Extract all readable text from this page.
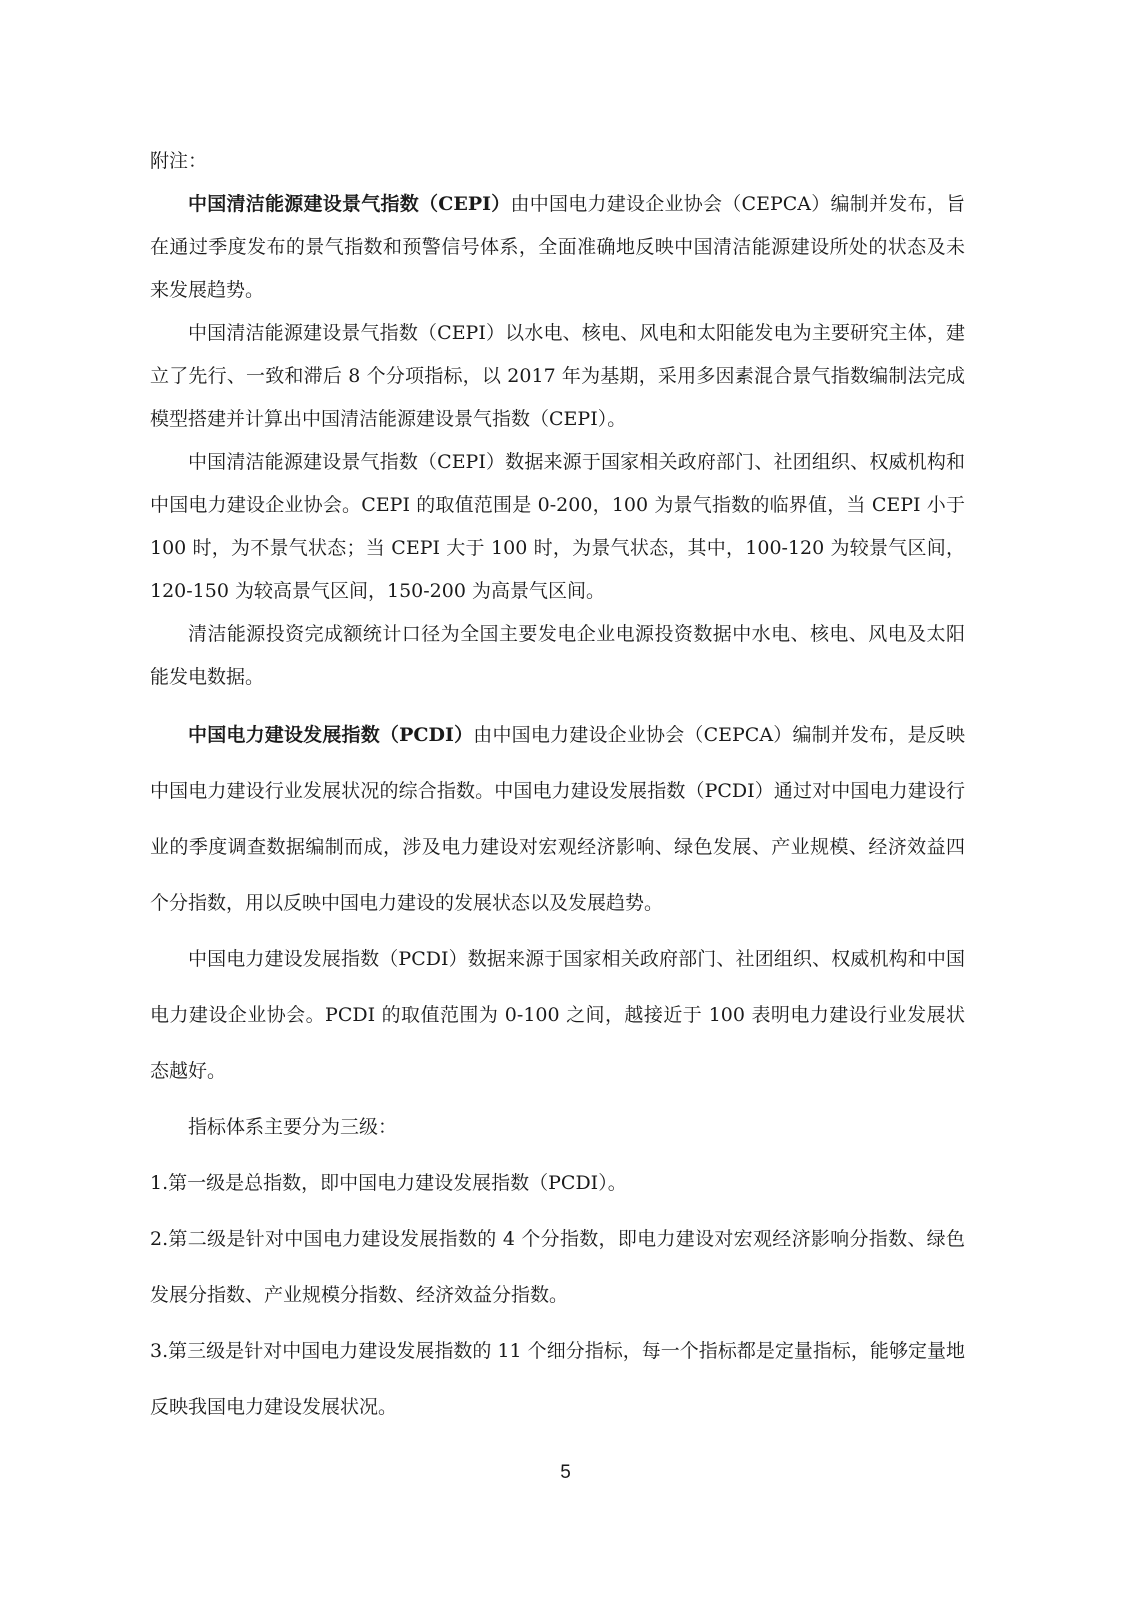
附注：

中国清洁能源建设景气指数（CEPI）由中国电力建设企业协会（CEPCA）编制并发布，旨在通过季度发布的景气指数和预警信号体系，全面准确地反映中国清洁能源建设所处的状态及未来发展趋势。

中国清洁能源建设景气指数（CEPI）以水电、核电、风电和太阳能发电为主要研究主体，建立了先行、一致和滞后 8 个分项指标，以 2017 年为基期，采用多因素混合景气指数编制法完成模型搭建并计算出中国清洁能源建设景气指数（CEPI）。

中国清洁能源建设景气指数（CEPI）数据来源于国家相关政府部门、社团组织、权威机构和中国电力建设企业协会。CEPI 的取值范围是 0-200，100 为景气指数的临界值，当 CEPI 小于 100 时，为不景气状态；当 CEPI 大于 100 时，为景气状态，其中，100-120 为较景气区间，120-150 为较高景气区间，150-200 为高景气区间。

清洁能源投资完成额统计口径为全国主要发电企业电源投资数据中水电、核电、风电及太阳能发电数据。

中国电力建设发展指数（PCDI）由中国电力建设企业协会（CEPCA）编制并发布，是反映中国电力建设行业发展状况的综合指数。中国电力建设发展指数（PCDI）通过对中国电力建设行业的季度调查数据编制而成，涉及电力建设对宏观经济影响、绿色发展、产业规模、经济效益四个分指数，用以反映中国电力建设的发展状态以及发展趋势。

中国电力建设发展指数（PCDI）数据来源于国家相关政府部门、社团组织、权威机构和中国电力建设企业协会。PCDI 的取值范围为 0-100 之间，越接近于 100 表明电力建设行业发展状态越好。

指标体系主要分为三级：

1.第一级是总指数，即中国电力建设发展指数（PCDI）。

2.第二级是针对中国电力建设发展指数的 4 个分指数，即电力建设对宏观经济影响分指数、绿色发展分指数、产业规模分指数、经济效益分指数。

3.第三级是针对中国电力建设发展指数的 11 个细分指标，每一个指标都是定量指标，能够定量地反映我国电力建设发展状况。

5
